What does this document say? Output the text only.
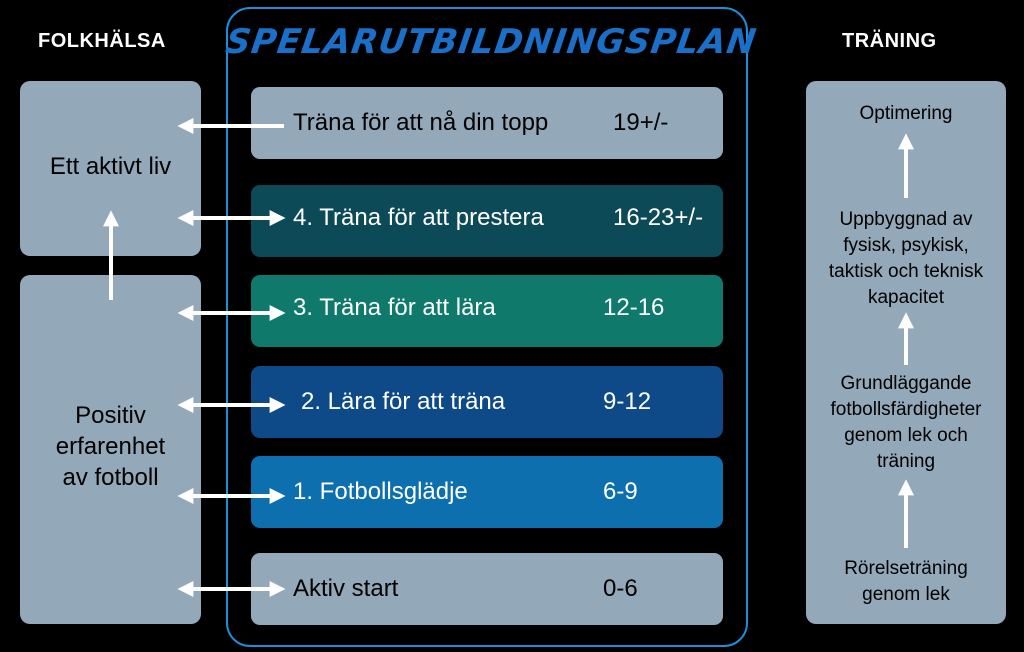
FOLKHÄLSA	TRÄNING
SPELARUTBILDNINGSPLAN
Ett aktivt liv
Positiv
erfarenhet
av fotboll
Träna för att nå din topp	19+/-
4. Träna för att prestera	16-23+/-
3. Träna för att lära	12-16
2. Lära för att träna	9-12
1. Fotbollsglädje	6-9
Aktiv start	0-6
Optimering
Uppbyggnad av
fysisk, psykisk,
taktisk och teknisk
kapacitet
Grundläggande
fotbollsfärdigheter
genom lek och
träning
Rörelseträning
genom lek
